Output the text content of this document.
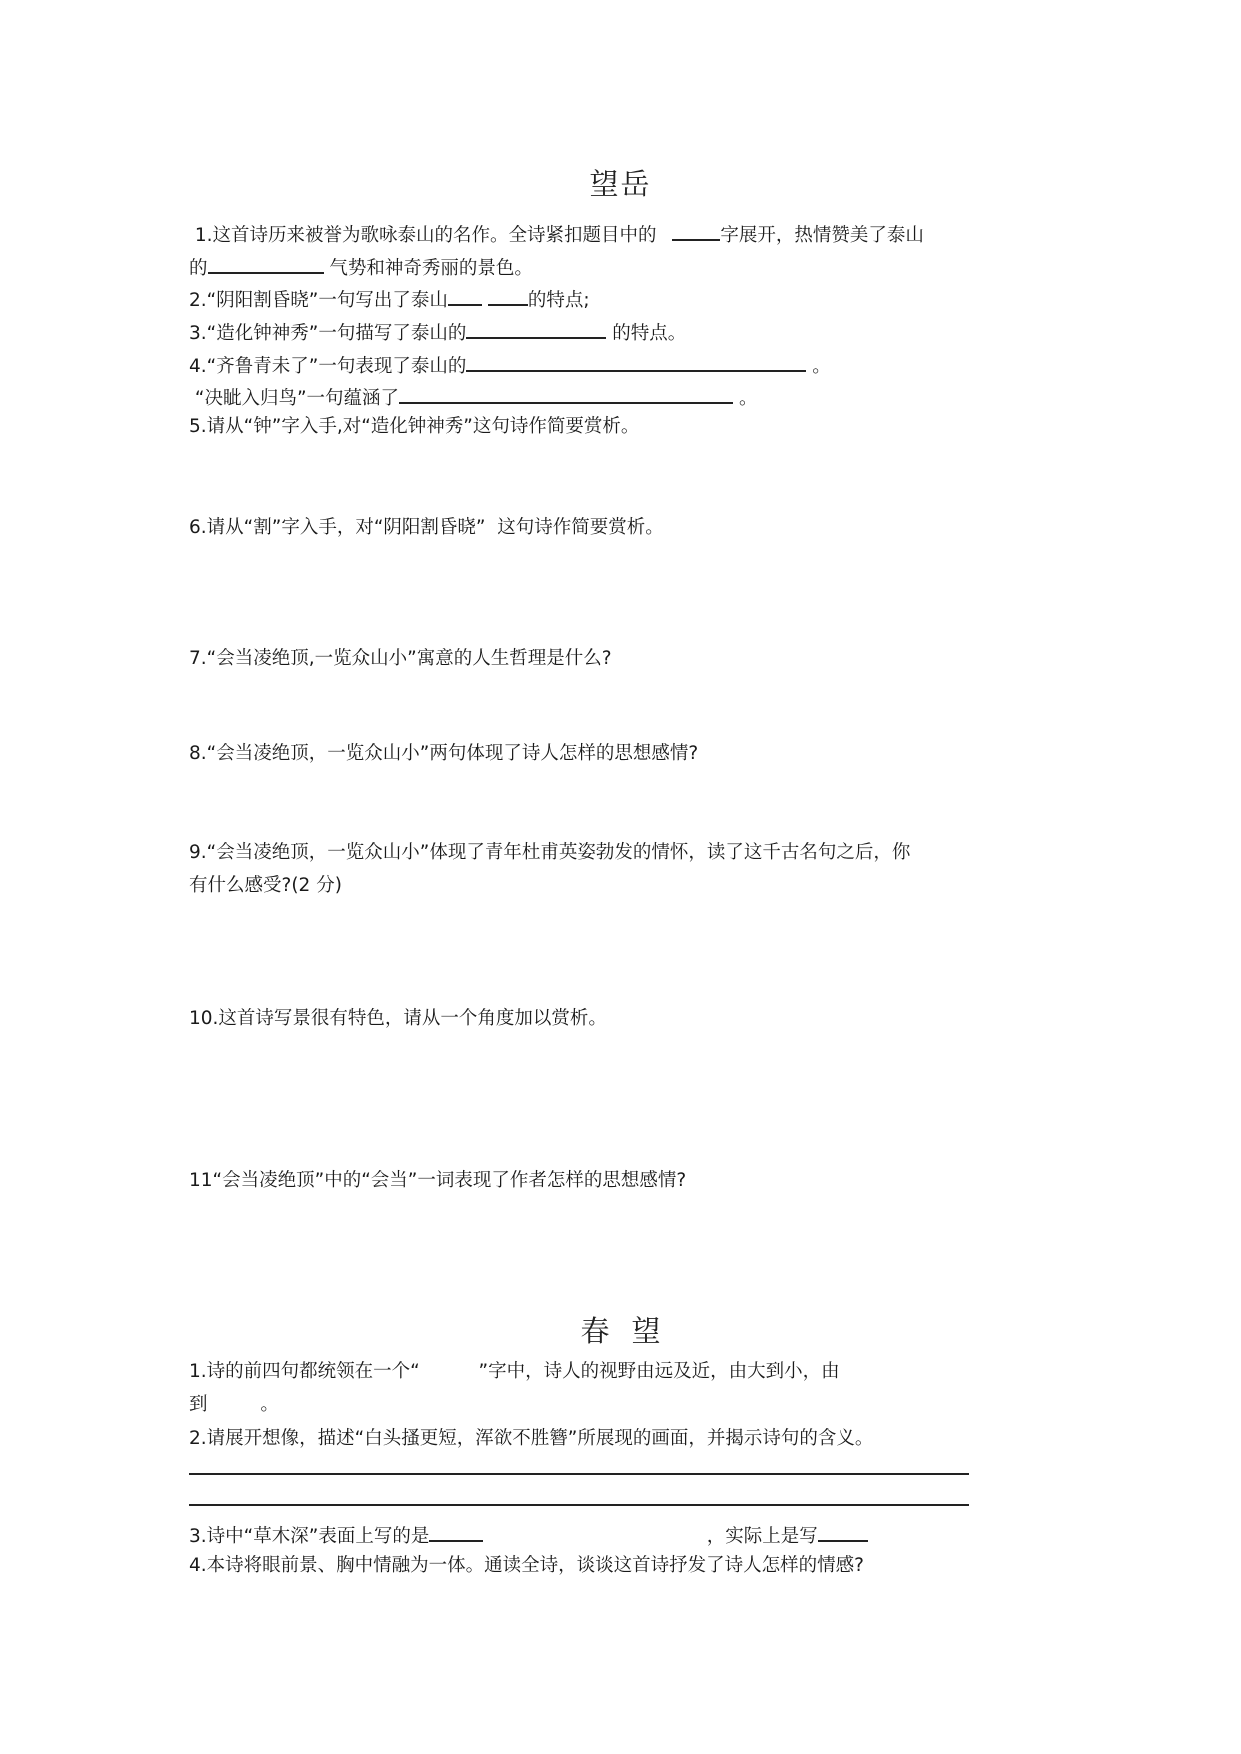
望岳
1.这首诗历来被誉为歌咏泰山的名作。全诗紧扣题目中的	字展开，热情赞美了泰山
的	气势和神奇秀丽的景色。
2.“阴阳割昏晓”一句写出了泰山	的特点;
3.“造化钟神秀”一句描写了泰山的	的特点。
4.“齐鲁青未了”一句表现了泰山的	。
“决眦入归鸟”一句蕴涵了	。
5.请从“钟”字入手,对“造化钟神秀”这句诗作简要赏析。
6.请从“割”字入手，对“阴阳割昏晓”  这句诗作简要赏析。
7.“会当凌绝顶,一览众山小”寓意的人生哲理是什么?
8.“会当凌绝顶，一览众山小”两句体现了诗人怎样的思想感情?
9.“会当凌绝顶，一览众山小”体现了青年杜甫英姿勃发的情怀，读了这千古名句之后，你
有什么感受?(2 分)
10.这首诗写景很有特色，请从一个角度加以赏析。
11“会当凌绝顶”中的“会当”一词表现了作者怎样的思想感情?
春望
1.诗的前四句都统领在一个“          ”字中，诗人的视野由远及近，由大到小，由
到         。
2.请展开想像，描述“白头搔更短，浑欲不胜簪”所展现的画面，并揭示诗句的含义。
3.诗中“草木深”表面上写的是	，实际上是写
4.本诗将眼前景、胸中情融为一体。通读全诗，谈谈这首诗抒发了诗人怎样的情感?
